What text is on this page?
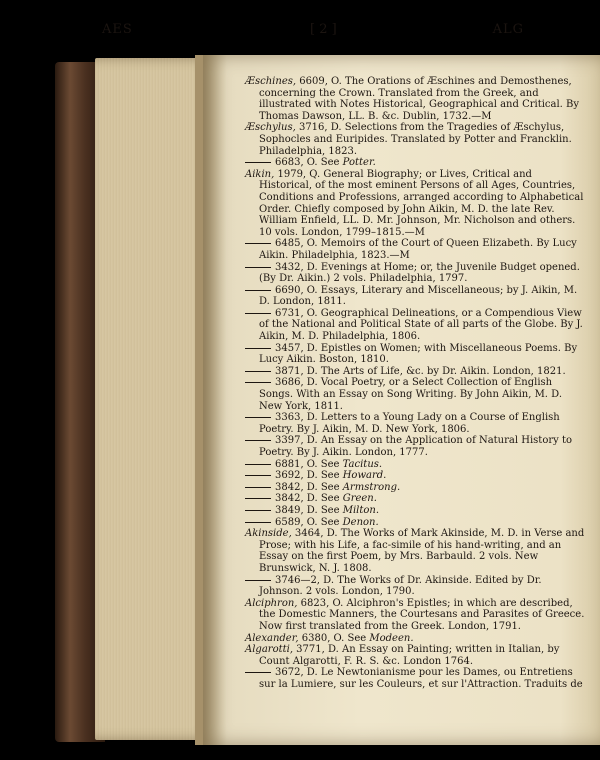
AES	[ 2 ]	ALG

Æschines, 6609, O. The Orations of Æschines and Demosthenes, concerning the Crown. Translated from the Greek, and illustrated with Notes Historical, Geographical and Critical. By Thomas Dawson, LL. B. &c. Dublin, 1732.—M

Æschylus, 3716, D. Selections from the Tragedies of Æschylus, Sophocles and Euripides. Translated by Potter and Francklin. Philadelphia, 1823.

6683, O. See Potter.

Aikin, 1979, Q. General Biography; or Lives, Critical and Historical, of the most eminent Persons of all Ages, Countries, Conditions and Professions, arranged according to Alphabetical Order. Chiefly composed by John Aikin, M. D. the late Rev. William Enfield, LL. D. Mr. Johnson, Mr. Nicholson and others. 10 vols. London, 1799–1815.—M

6485, O. Memoirs of the Court of Queen Elizabeth. By Lucy Aikin. Philadelphia, 1823.—M

3432, D. Evenings at Home; or, the Juvenile Budget opened. (By Dr. Aikin.) 2 vols. Philadelphia, 1797.

6690, O. Essays, Literary and Miscellaneous; by J. Aikin, M. D. London, 1811.

6731, O. Geographical Delineations, or a Compendious View of the National and Political State of all parts of the Globe. By J. Aikin, M. D. Philadelphia, 1806.

3457, D. Epistles on Women; with Miscellaneous Poems. By Lucy Aikin. Boston, 1810.

3871, D. The Arts of Life, &c. by Dr. Aikin. London, 1821.

3686, D. Vocal Poetry, or a Select Collection of English Songs. With an Essay on Song Writing. By John Aikin, M. D. New York, 1811.

3363, D. Letters to a Young Lady on a Course of English Poetry. By J. Aikin, M. D. New York, 1806.

3397, D. An Essay on the Application of Natural History to Poetry. By J. Aikin. London, 1777.

6881, O. See Tacitus.

3692, D. See Howard.

3842, D. See Armstrong.

3842, D. See Green.

3849, D. See Milton.

6589, O. See Denon.

Akinside, 3464, D. The Works of Mark Akinside, M. D. in Verse and Prose; with his Life, a fac-simile of his hand-writing, and an Essay on the first Poem, by Mrs. Barbauld. 2 vols. New Brunswick, N. J. 1808.

3746—2, D. The Works of Dr. Akinside. Edited by Dr. Johnson. 2 vols. London, 1790.

Alciphron, 6823, O. Alciphron's Epistles; in which are described, the Domestic Manners, the Courtesans and Parasites of Greece. Now first translated from the Greek. London, 1791.

Alexander, 6380, O. See Modeen.

Algarotti, 3771, D. An Essay on Painting; written in Italian, by Count Algarotti, F. R. S. &c. London 1764.

3672, D. Le Newtonianisme pour les Dames, ou Entretiens sur la Lumiere, sur les Couleurs, et sur l'Attraction. Traduits de
